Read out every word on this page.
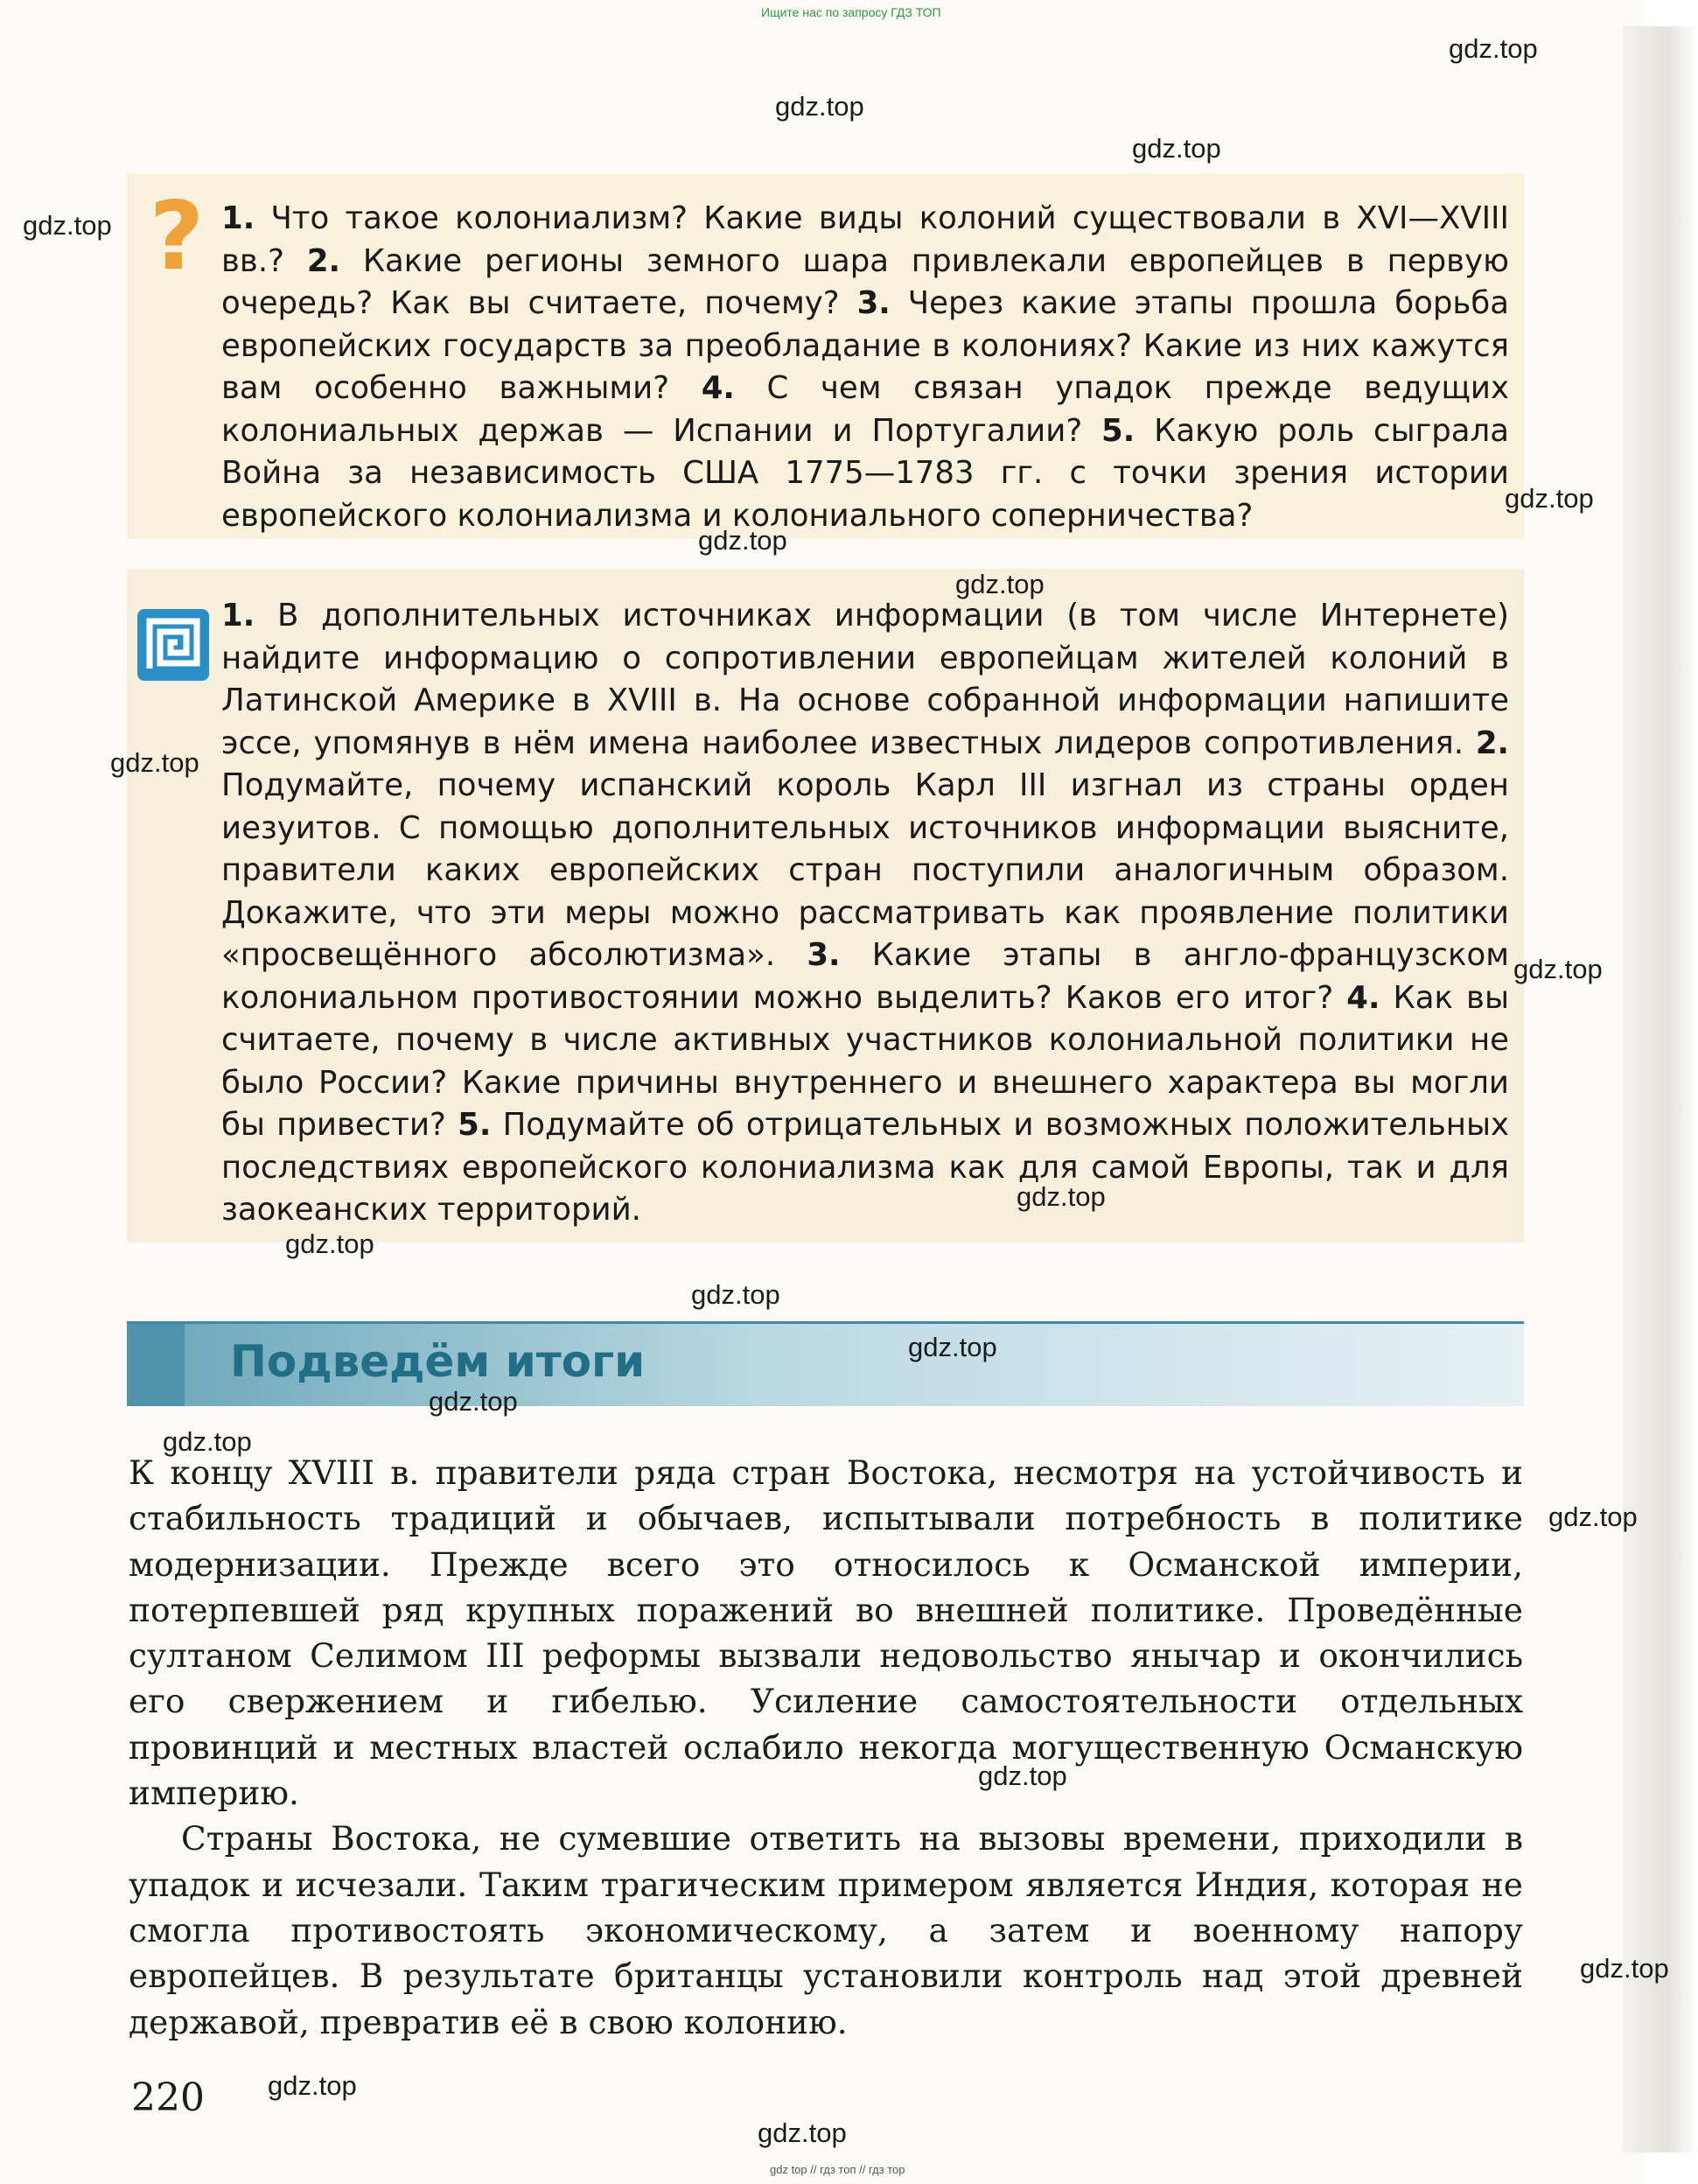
Ищите нас по запросу ГДЗ ТОП
? 1. Что такое колониализм? Какие виды колоний существовали в XVI—XVIII вв.? 2. Какие регионы земного шара привлекали европейцев в первую очередь? Как вы считаете, почему? 3. Через какие этапы прошла борьба европейских государств за преобладание в колониях? Какие из них кажутся вам особенно важными? 4. С чем связан упадок прежде ведущих колониальных держав — Испании и Португалии? 5. Какую роль сыграла Война за независимость США 1775—1783 гг. с точки зрения истории европейского колониализма и колониального соперничества?
1. В дополнительных источниках информации (в том числе Интернете) найдите информацию о сопротивлении европейцам жителей колоний в Латинской Америке в XVIII в. На основе собранной информации напишите эссе, упомянув в нём имена наиболее известных лидеров сопротивления. 2. Подумайте, почему испанский король Карл III изгнал из страны орден иезуитов. С помощью дополнительных источников информации выясните, правители каких европейских стран поступили аналогичным образом. Докажите, что эти меры можно рассматривать как проявление политики «просвещённого абсолютизма». 3. Какие этапы в англо-французском колониальном противостоянии можно выделить? Каков его итог? 4. Как вы считаете, почему в числе активных участников колониальной политики не было России? Какие причины внутреннего и внешнего характера вы могли бы привести? 5. Подумайте об отрицательных и возможных положительных последствиях европейского колониализма как для самой Европы, так и для заокеанских территорий.
Подведём итоги

К концу XVIII в. правители ряда стран Востока, несмотря на устойчивость и стабильность традиций и обычаев, испытывали потребность в политике модернизации. Прежде всего это относилось к Османской империи, потерпевшей ряд крупных поражений во внешней политике. Проведённые султаном Селимом III реформы вызвали недовольство янычар и окончились его свержением и гибелью. Усиление самостоятельности отдельных провинций и местных властей ослабило некогда могущественную Османскую империю.

Страны Востока, не сумевшие ответить на вызовы времени, приходили в упадок и исчезали. Таким трагическим примером является Индия, которая не смогла противостоять экономическому, а затем и военному напору европейцев. В результате британцы установили контроль над этой древней державой, превратив её в свою колонию.

220
gdz.top
gdz.top
gdz.top
gdz.top
gdz.top
gdz.top
gdz.top
gdz.top
gdz.top
gdz.top
gdz.top
gdz.top
gdz.top
gdz.top
gdz.top
gdz.top
gdz.top
gdz.top
gdz.top
gdz.top
gdz top // гдз топ // гдз тор
